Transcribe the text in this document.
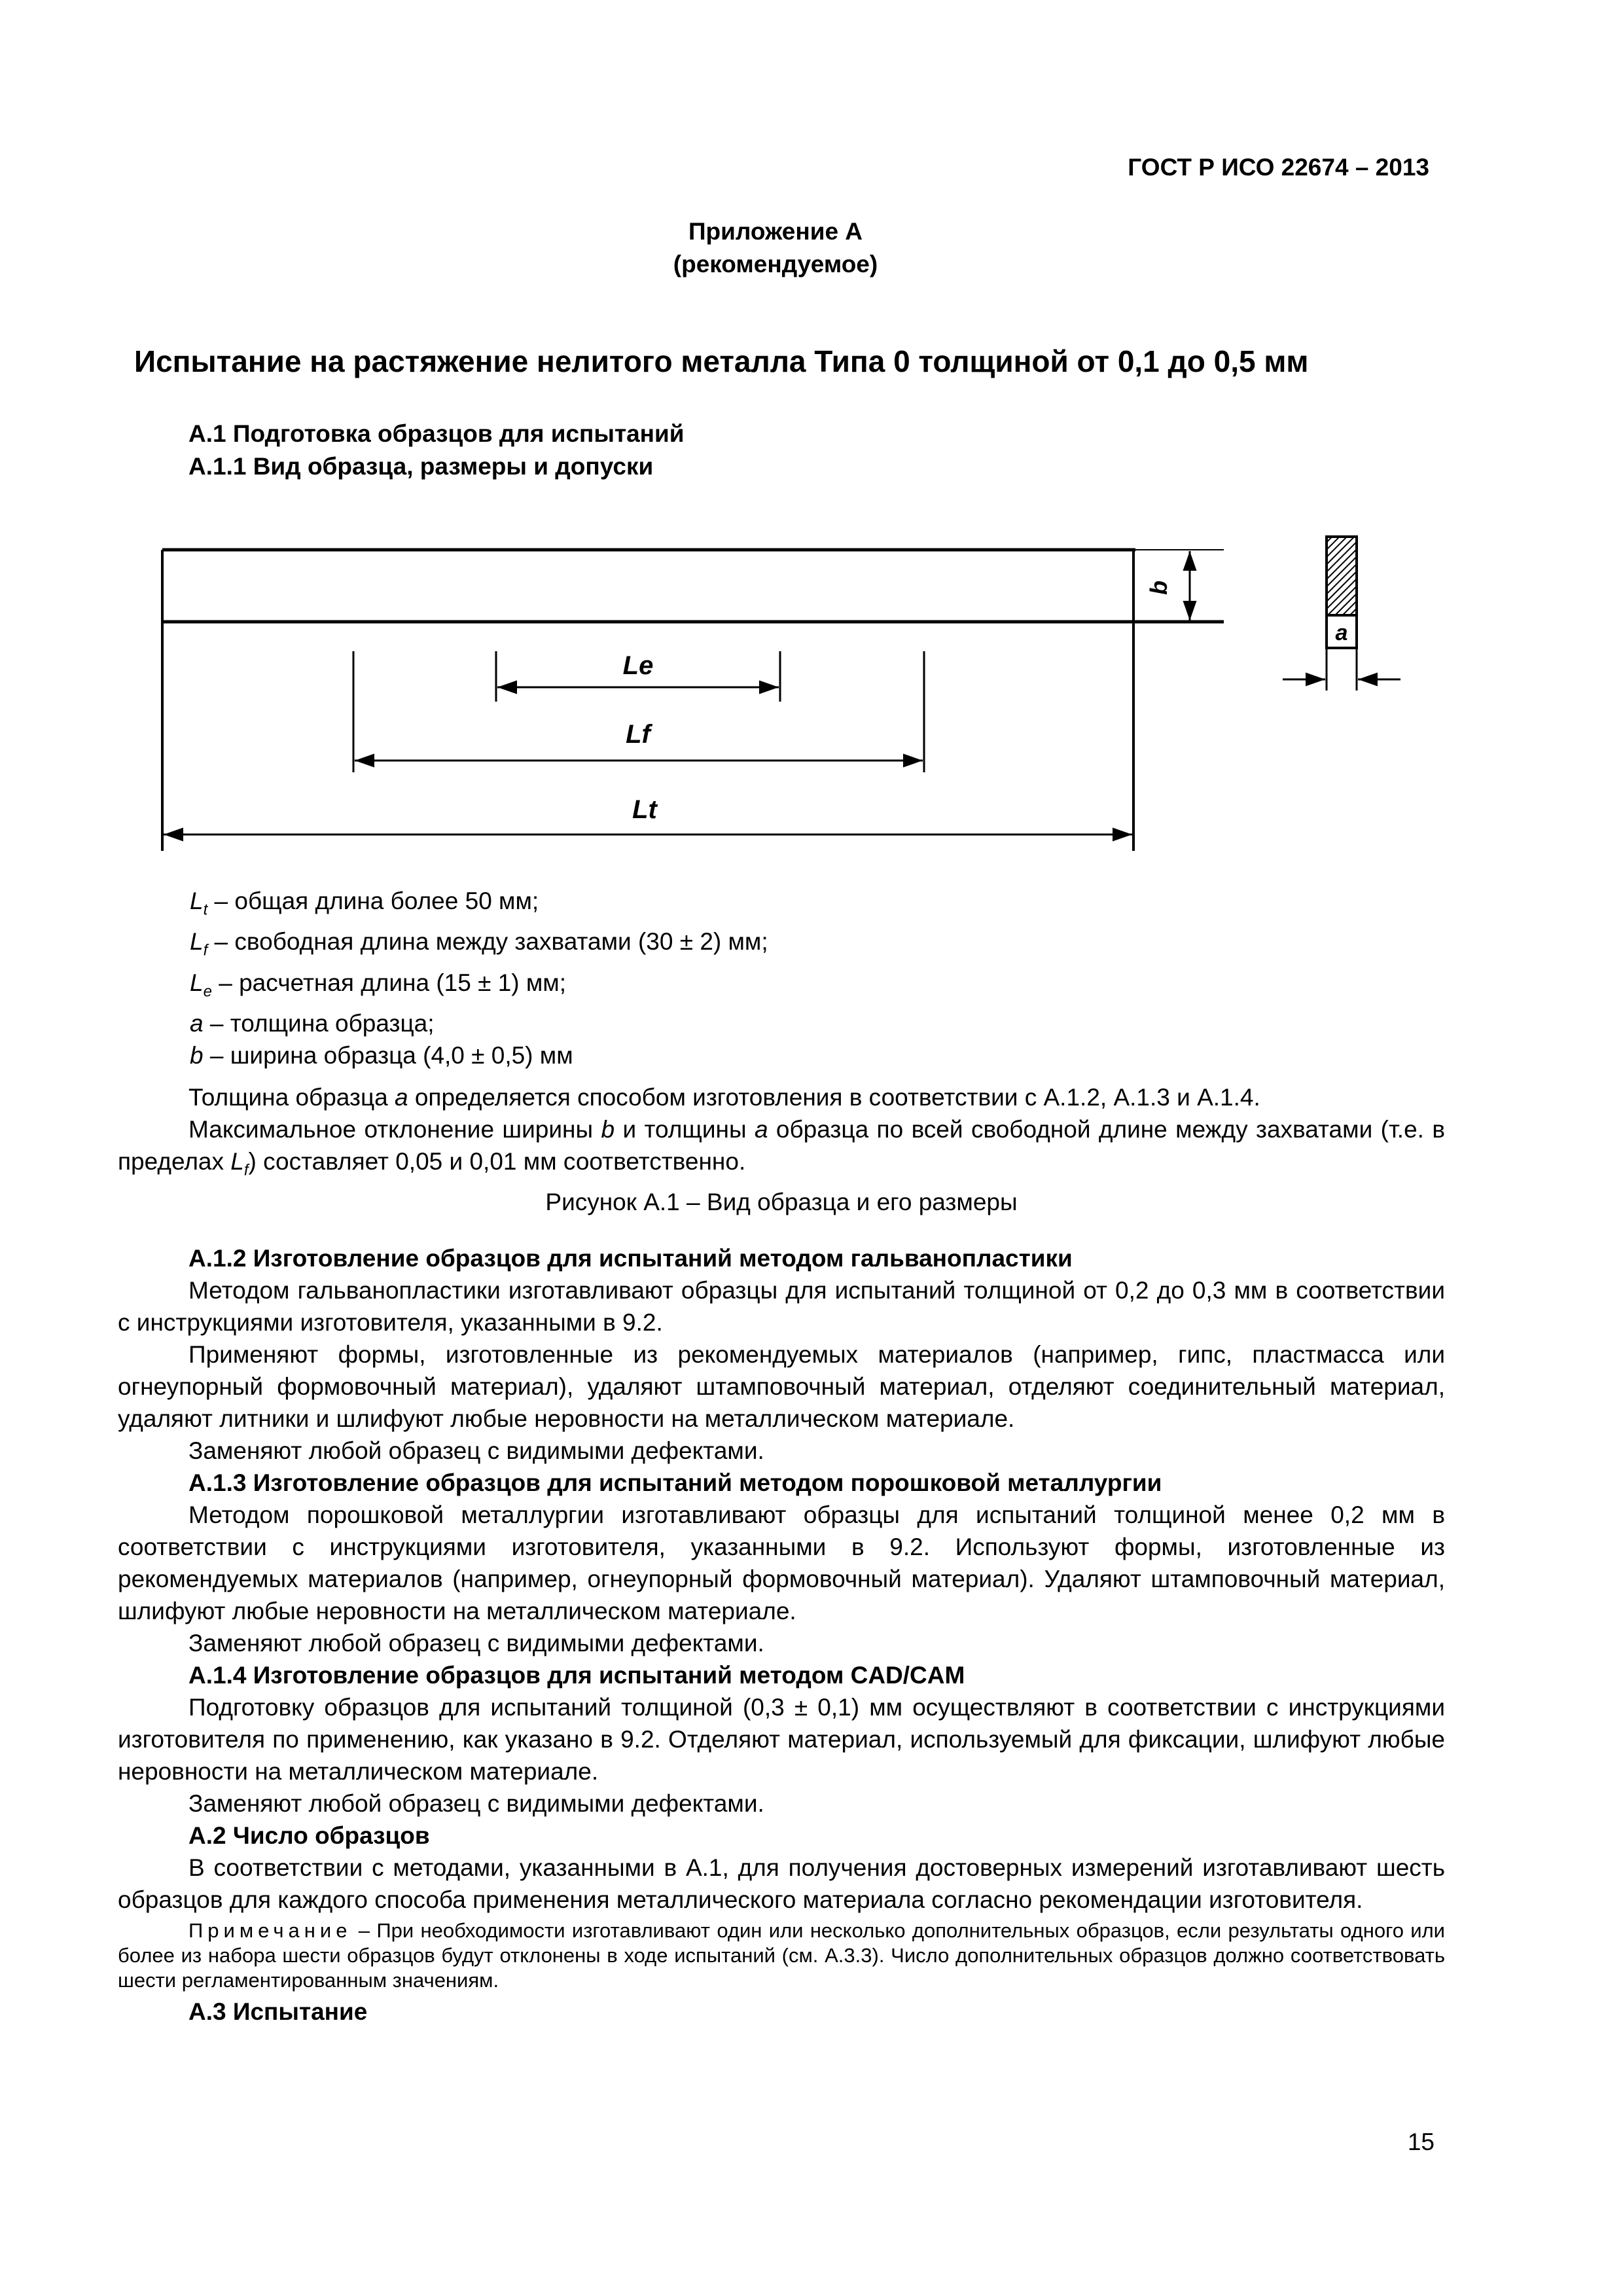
ГОСТ Р ИСО 22674 – 2013
Приложение А
(рекомендуемое)
Испытание на растяжение нелитого металла Типа 0 толщиной от 0,1 до 0,5 мм
А.1 Подготовка образцов для испытаний
А.1.1 Вид образца, размеры и допуски
b
Le
Lf
Lt
a
$L_t$ – общая длина более 50 мм;
$L_f$ – свободная длина между захватами (30 ± 2) мм;
$L_e$ – расчетная длина (15 ± 1) мм;
a – толщина образца;
b – ширина образца (4,0 ± 0,5) мм

Толщина образца a определяется способом изготовления в соответствии с А.1.2, А.1.3 и А.1.4.

Максимальное отклонение ширины b и толщины a образца по всей свободной длине между захватами (т.е. в пределах $L_f$) составляет 0,05 и 0,01 мм соответственно.

Рисунок А.1 – Вид образца и его размеры

А.1.2 Изготовление образцов для испытаний методом гальванопластики

Методом гальванопластики изготавливают образцы для испытаний толщиной от 0,2 до 0,3 мм в соответствии с инструкциями изготовителя, указанными в 9.2.

Применяют формы, изготовленные из рекомендуемых материалов (например, гипс, пластмасса или огнеупорный формовочный материал), удаляют штамповочный материал, отделяют соединительный материал, удаляют литники и шлифуют любые неровности на металлическом материале.

Заменяют любой образец с видимыми дефектами.

А.1.3 Изготовление образцов для испытаний методом порошковой металлургии

Методом порошковой металлургии изготавливают образцы для испытаний толщиной менее 0,2 мм в соответствии с инструкциями изготовителя, указанными в 9.2. Используют формы, изготовленные из рекомендуемых материалов (например, огнеупорный формовочный материал). Удаляют штамповочный материал, шлифуют любые неровности на металлическом материале.

Заменяют любой образец с видимыми дефектами.

А.1.4 Изготовление образцов для испытаний методом CAD/CAM

Подготовку образцов для испытаний толщиной (0,3 ± 0,1) мм осуществляют в соответствии с инструкциями изготовителя по применению, как указано в 9.2. Отделяют материал, используемый для фиксации, шлифуют любые неровности на металлическом материале.

Заменяют любой образец с видимыми дефектами.

А.2 Число образцов

В соответствии с методами, указанными в А.1, для получения достоверных измерений изготавливают шесть образцов для каждого способа применения металлического материала согласно рекомендации изготовителя.

Примечание – При необходимости изготавливают один или несколько дополнительных образцов, если результаты одного или более из набора шести образцов будут отклонены в ходе испытаний (см. А.3.3). Число дополнительных образцов должно соответствовать шести регламентированным значениям.

А.3 Испытание

15
